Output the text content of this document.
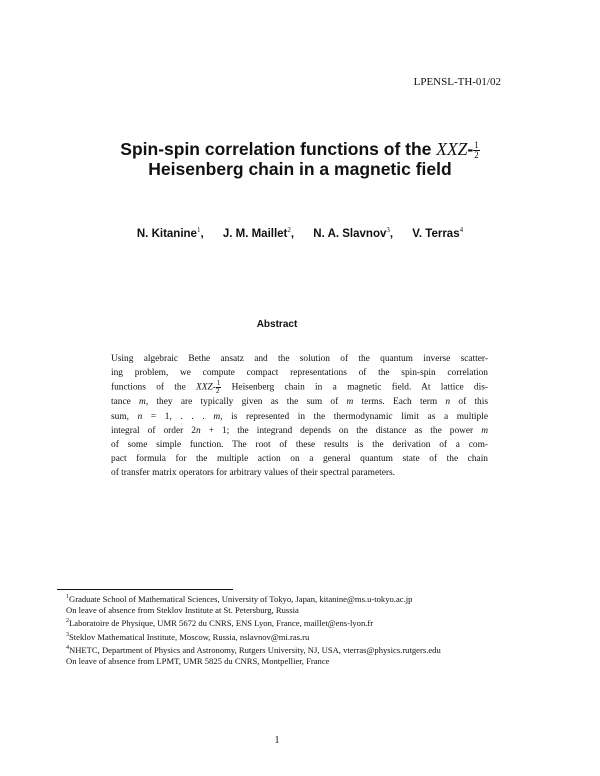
LPENSL-TH-01/02
Spin-spin correlation functions of the $XXZ- \frac{1}{2}$
Heisenberg chain in a magnetic field
N. Kitanine$^1$, J. M. Maillet$^2$, N. A. Slavnov$^3$, V. Terras$^4$
Abstract
Using algebraic Bethe ansatz and the solution of the quantum inverse scatter-
ing problem, we compute compact representations of the spin-spin correlation
functions of the $XXZ- \frac{1}{2}$ Heisenberg chain in a magnetic field. At lattice dis-
tance m, they are typically given as the sum of m terms. Each term n of this
sum, n = 1, . . . m, is represented in the thermodynamic limit as a multiple
integral of order 2n + 1; the integrand depends on the distance as the power m
of some simple function. The root of these results is the derivation of a com-
pact formula for the multiple action on a general quantum state of the chain
of transfer matrix operators for arbitrary values of their spectral parameters.
$^1$Graduate School of Mathematical Sciences, University of Tokyo, Japan, kitanine@ms.u-tokyo.ac.jp
On leave of absence from Steklov Institute at St. Petersburg, Russia
$^2$Laboratoire de Physique, UMR 5672 du CNRS, ENS Lyon, France, maillet@ens-lyon.fr
$^3$Steklov Mathematical Institute, Moscow, Russia, nslavnov@mi.ras.ru
$^4$NHETC, Department of Physics and Astronomy, Rutgers University, NJ, USA, vterras@physics.rutgers.edu
On leave of absence from LPMT, UMR 5825 du CNRS, Montpellier, France
1
